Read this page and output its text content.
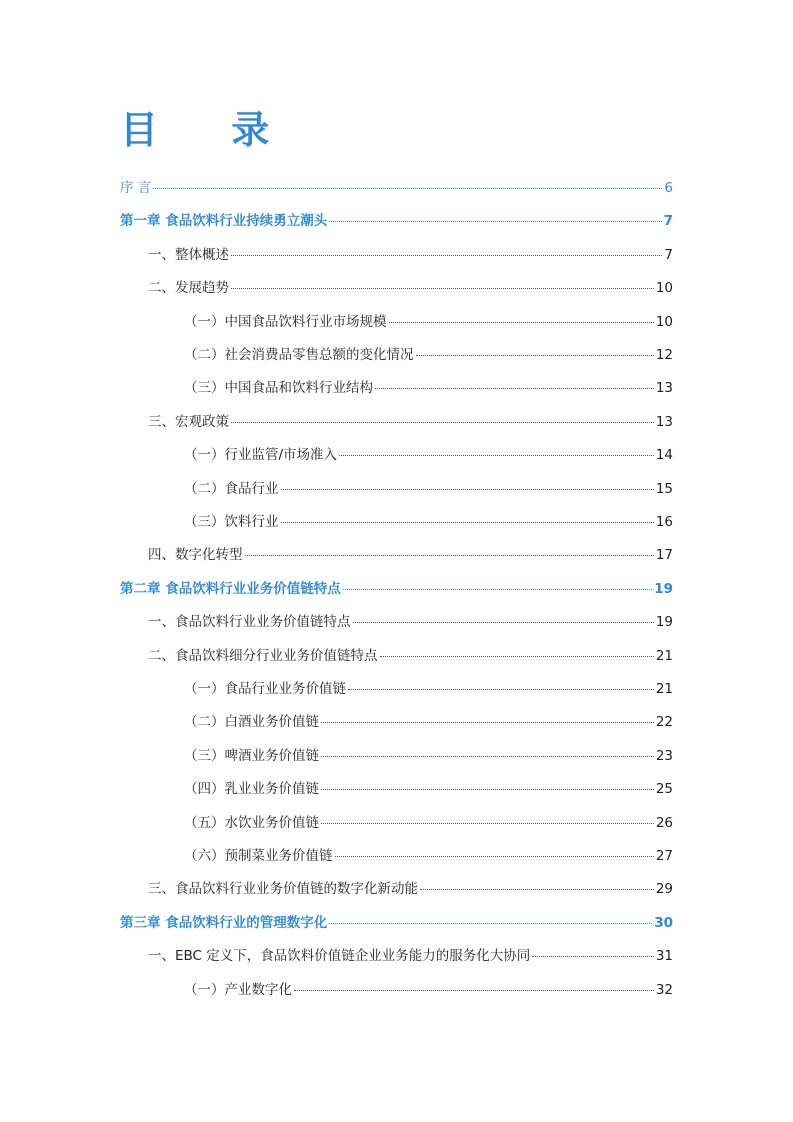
目 录
序 言	6
第一章 食品饮料行业持续勇立潮头	7
一、整体概述	7
二、发展趋势	10
（一）中国食品饮料行业市场规模	10
（二）社会消费品零售总额的变化情况	12
（三）中国食品和饮料行业结构	13
三、宏观政策	13
（一）行业监管/市场准入	14
（二）食品行业	15
（三）饮料行业	16
四、数字化转型	17
第二章 食品饮料行业业务价值链特点	19
一、食品饮料行业业务价值链特点	19
二、食品饮料细分行业业务价值链特点	21
（一）食品行业业务价值链	21
（二）白酒业务价值链	22
（三）啤酒业务价值链	23
（四）乳业业务价值链	25
（五）水饮业务价值链	26
（六）预制菜业务价值链	27
三、食品饮料行业业务价值链的数字化新动能	29
第三章 食品饮料行业的管理数字化	30
一、EBC 定义下，食品饮料价值链企业业务能力的服务化大协同	31
（一）产业数字化	32
